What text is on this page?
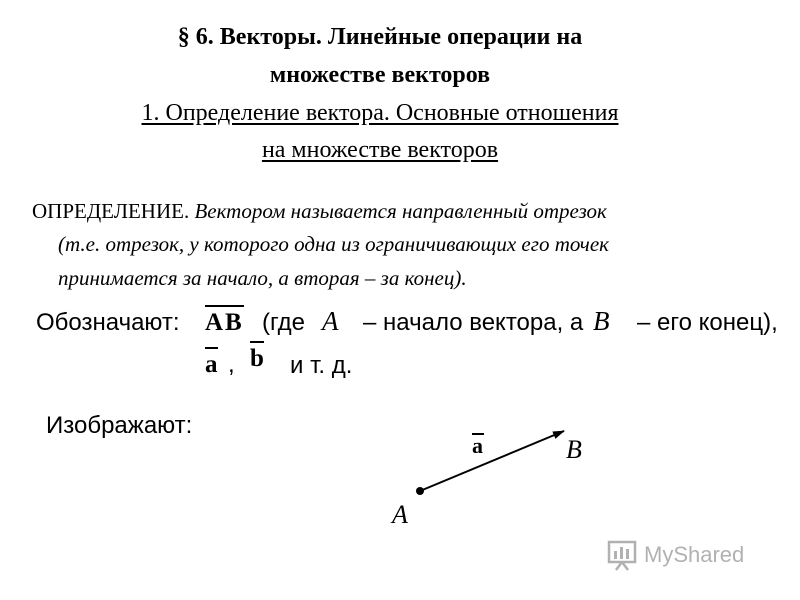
§ 6. Векторы. Линейные операции на
множестве векторов
1. Определение вектора. Основные отношения
на множестве векторов
ОПРЕДЕЛЕНИЕ. Вектором называется направленный отрезок
(т.е. отрезок, у которого одна из ограничивающих его точек
принимается за начало, а вторая – за конец).
Обозначают: AB (где A – начало вектора, а B – его конец),
a , b и т. д.
Изображают:
a	B
A
MyShared
